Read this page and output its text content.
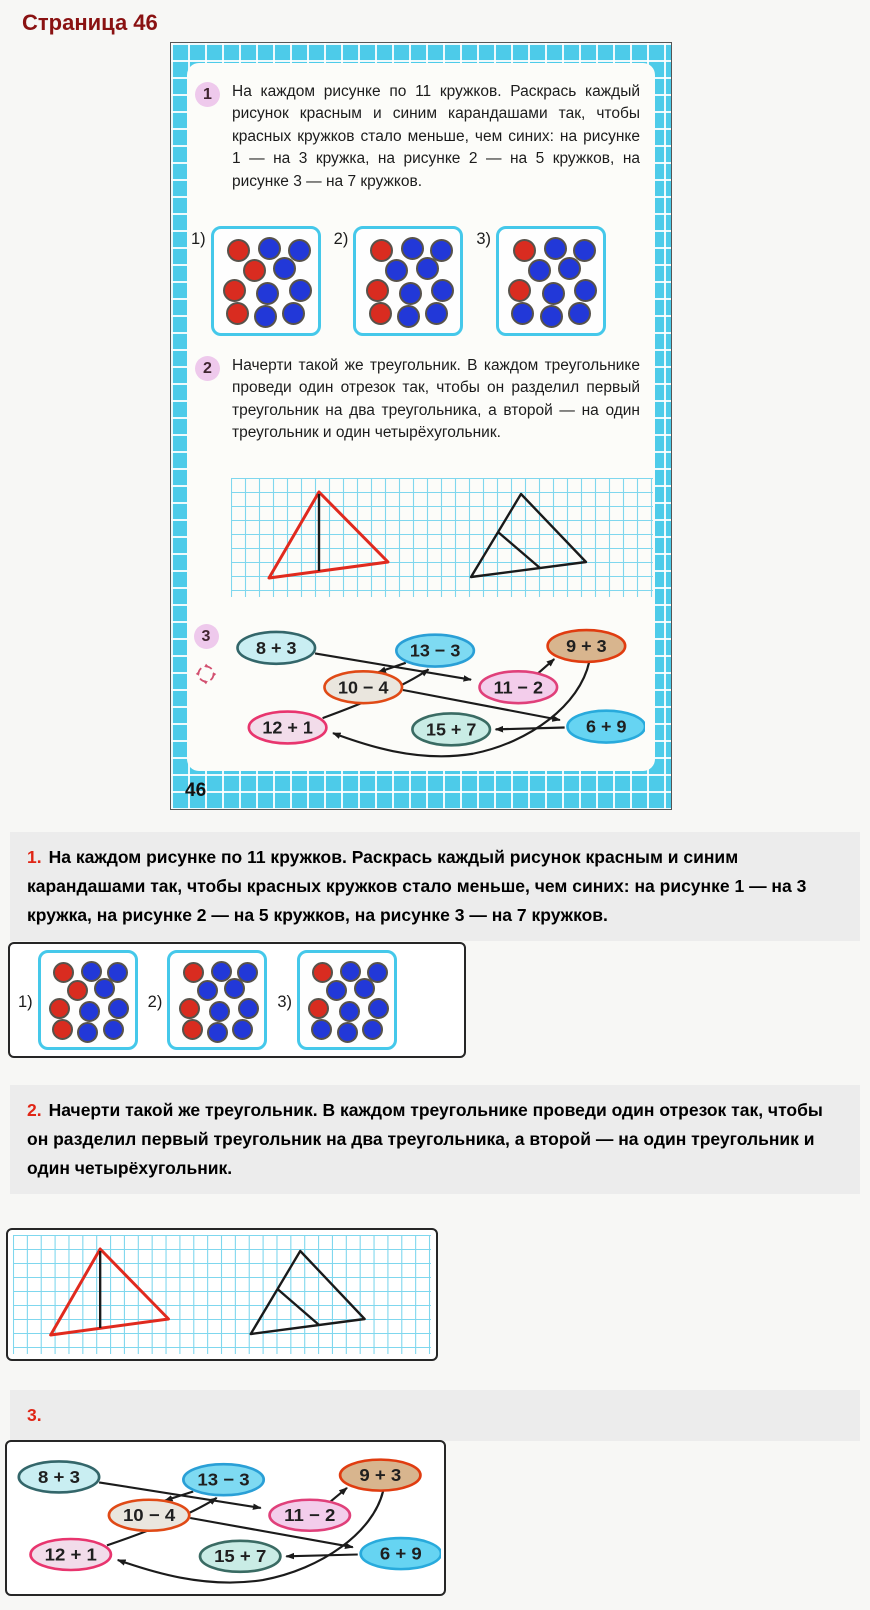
Страница 46
1	На каждом рисунке по 11 кружков. Раскрась каждый рисунок красным и синим карандашами так, чтобы красных кружков стало меньше, чем синих: на рисунке 1 — на 3 кружка, на рисунке 2 — на 5 кружков, на рисунке 3 — на 7 кружков.

1)	2)	3)
2	Начерти такой же треугольник. В каждом треугольнике проведи один отрезок так, чтобы он разделил первый треугольник на два треугольника, а второй — на один треугольник и один четырёхугольник.

3
8 + 3	13 − 3	9 + 3
10 − 4	11 − 2
12 + 1	15 + 7	6 + 9
46
1. На каждом рисунке по 11 кружков. Раскрась каждый рисунок красным и синим карандашами так, чтобы красных кружков стало меньше, чем синих: на рисунке 1 — на 3 кружка, на рисунке 2 — на 5 кружков, на рисунке 3 — на 7 кружков.
1)	2)	3)
2. Начерти такой же треугольник. В каждом треугольнике проведи один отрезок так, чтобы он разделил первый треугольник на два треугольника, а второй — на один треугольник и один четырёхугольник.
3.
8 + 3	13 − 3	9 + 3
10 − 4	11 − 2
12 + 1	15 + 7	6 + 9
